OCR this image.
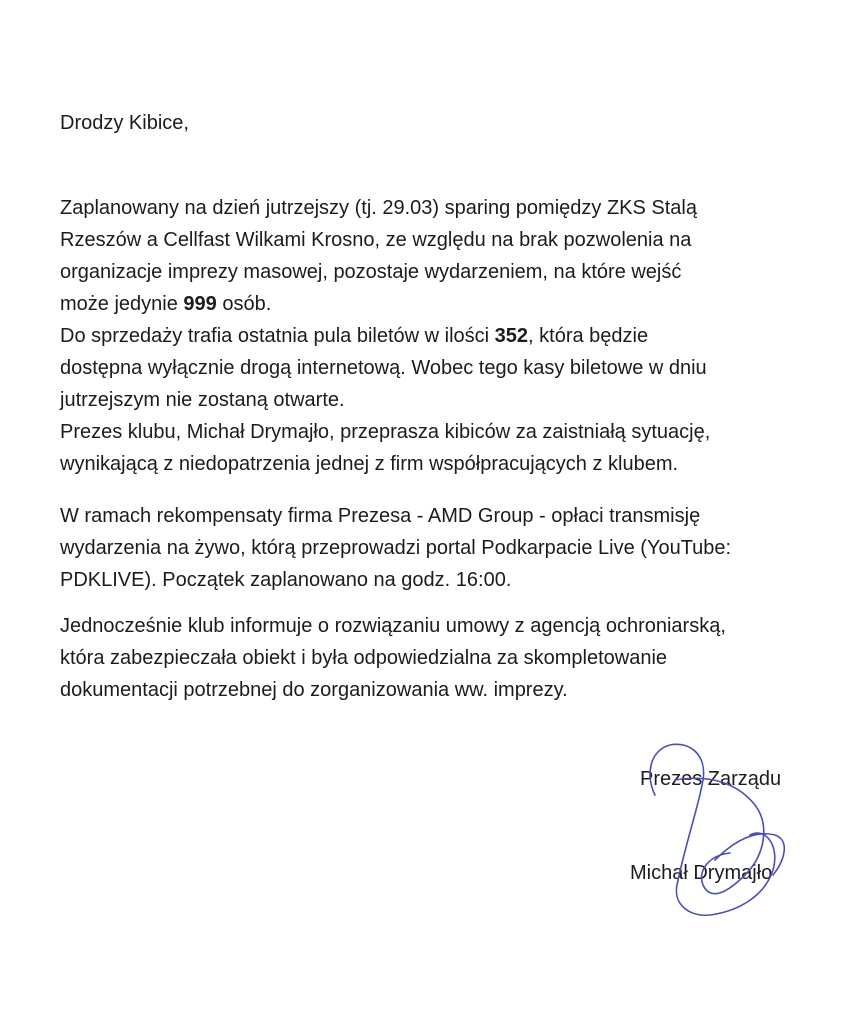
Drodzy Kibice,

Zaplanowany na dzień jutrzejszy (tj. 29.03) sparing pomiędzy ZKS Stalą
Rzeszów a Cellfast Wilkami Krosno, ze względu na brak pozwolenia na
organizacje imprezy masowej, pozostaje wydarzeniem, na które wejść
może jedynie 999 osób.
Do sprzedaży trafia ostatnia pula biletów w ilości 352, która będzie
dostępna wyłącznie drogą internetową. Wobec tego kasy biletowe w dniu
jutrzejszym nie zostaną otwarte.
Prezes klubu, Michał Drymajło, przeprasza kibiców za zaistniałą sytuację,
wynikającą z niedopatrzenia jednej z firm współpracujących z klubem.

W ramach rekompensaty firma Prezesa - AMD Group - opłaci transmisję
wydarzenia na żywo, którą przeprowadzi portal Podkarpacie Live (YouTube:
PDKLIVE). Początek zaplanowano na godz. 16:00.

Jednocześnie klub informuje o rozwiązaniu umowy z agencją ochroniarską,
która zabezpieczała obiekt i była odpowiedzialna za skompletowanie
dokumentacji potrzebnej do zorganizowania ww. imprezy.

Prezes Zarządu

Michał Drymajło
